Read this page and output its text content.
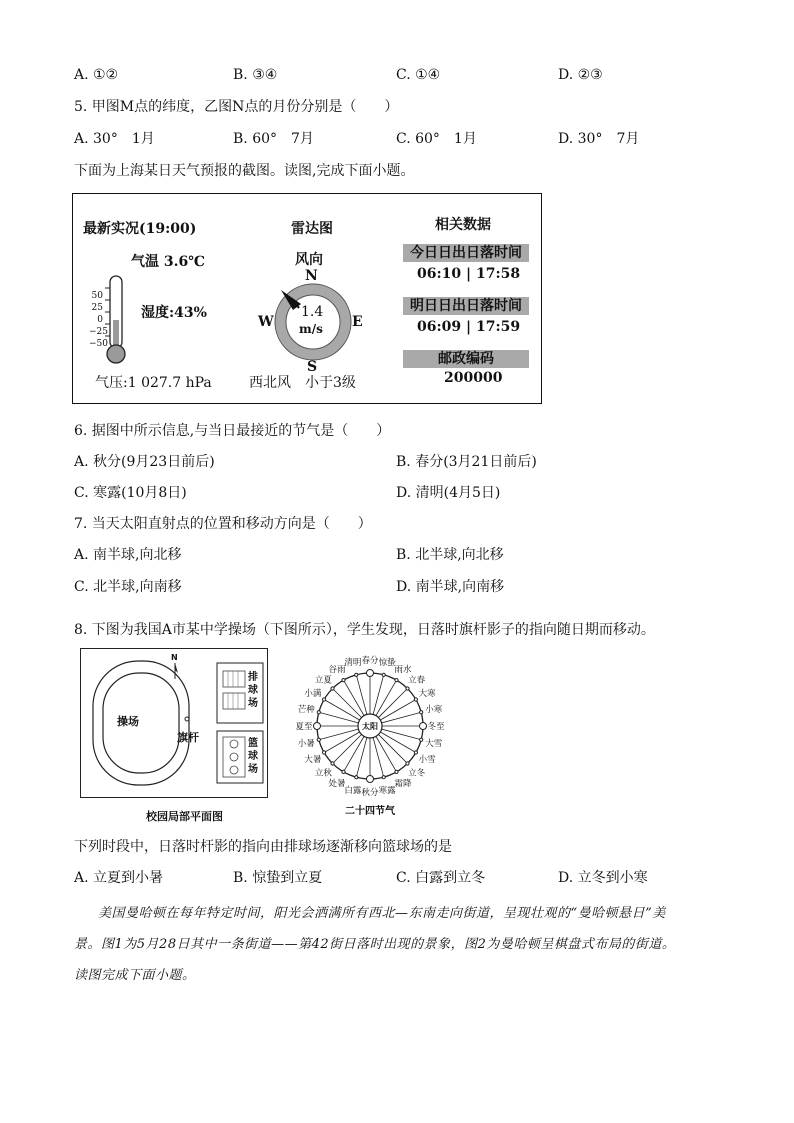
A. ①②	B. ③④	C. ①④	D. ②③
5. 甲图M点的纬度，乙图N点的月份分别是（　　）
A. 30°　1月	B. 60°　7月	C. 60°　1月	D. 30°　7月
下面为上海某日天气预报的截图。读图,完成下面小题。
最新实况(19:00)
气温 3.6℃
湿度:43%
气压:1 027.7 hPa
50
25
0
−25
−50
雷达图
风向
N
W	E
S
1.4
m/s
西北风　小于3级
相关数据
今日日出日落时间
06:10 | 17:58
明日日出日落时间
06:09 | 17:59
邮政编码
200000
6. 据图中所示信息,与当日最接近的节气是（　　）
A. 秋分(9月23日前后)	B. 春分(3月21日前后)
C. 寒露(10月8日)	D. 清明(4月5日)
7. 当天太阳直射点的位置和移动方向是（　　）
A. 南半球,向北移	B. 北半球,向北移
C. 北半球,向南移	D. 南半球,向南移
8. 下图为我国A市某中学操场（下图所示），学生发现，日落时旗杆影子的指向随日期而移动。
N
操场
旗杆
排
球
场
篮
球
场
校园局部平面图
太阳
春分 惊蛰
雨水
立春
大寒
小寒
冬至
大雪
小雪
立冬
霜降
寒露
秋分
白露
处暑
立秋
大暑
小暑
夏至
芒种
小满
立夏
谷雨
清明
二十四节气
下列时段中，日落时杆影的指向由排球场逐渐移向篮球场的是
A. 立夏到小暑	B. 惊蛰到立夏	C. 白露到立冬	D. 立冬到小寒
美国曼哈顿在每年特定时间，阳光会洒满所有西北—东南走向街道，呈现壮观的“曼哈顿悬日”美
景。图1为5月28日其中一条街道——第42街日落时出现的景象，图2为曼哈顿呈棋盘式布局的街道。
读图完成下面小题。
